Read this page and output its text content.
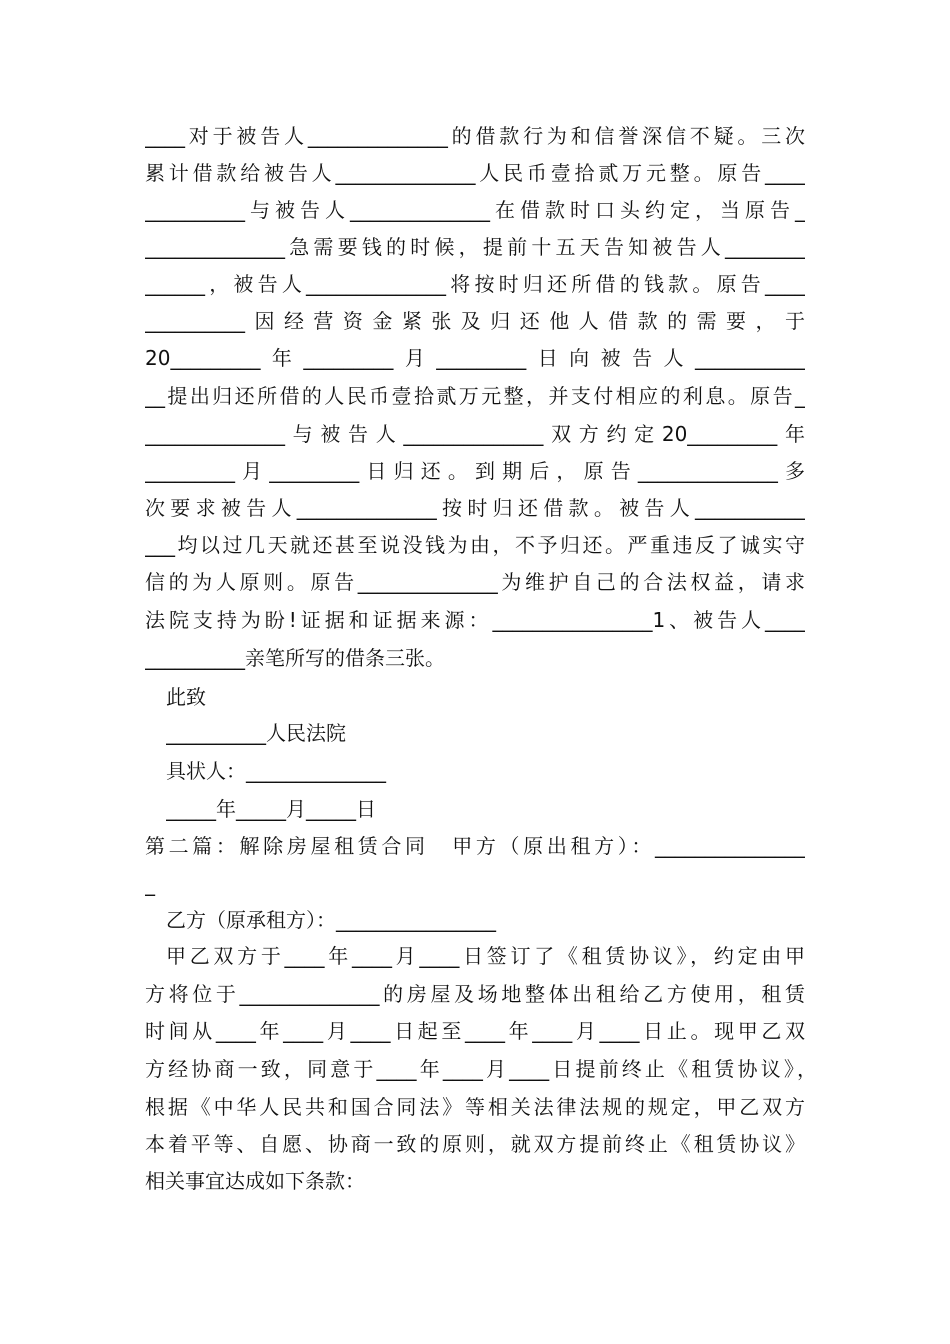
____对于被告人______________的借款行为和信誉深信不疑。三次
累计借款给被告人______________人民币壹拾贰万元整。原告____
__________与被告人______________在借款时口头约定，当原告_
______________急需要钱的时候，提前十五天告知被告人________
______，被告人______________将按时归还所借的钱款。原告____
__________因经营资金紧张及归还他人借款的需要，于
20_________年_________月_________日向被告人___________
__提出归还所借的人民币壹拾贰万元整，并支付相应的利息。原告_
______________与被告人______________双方约定20_________年
_________月_________日归还。到期后，原告______________多
次要求被告人______________按时归还借款。被告人___________
___均以过几天就还甚至说没钱为由，不予归还。严重违反了诚实守
信的为人原则。原告______________为维护自己的合法权益，请求
法院支持为盼!证据和证据来源：________________1、被告人____
__________亲笔所写的借条三张。
此致
__________人民法院
具状人：______________
_____年_____月_____日
第二篇：解除房屋租赁合同　甲方（原出租方）：_______________
_
乙方（原承租方）：________________
甲乙双方于____年____月____日签订了《租赁协议》，约定由甲
方将位于______________的房屋及场地整体出租给乙方使用，租赁
时间从____年____月____日起至____年____月____日止。现甲乙双
方经协商一致，同意于____年____月____日提前终止《租赁协议》，
根据《中华人民共和国合同法》等相关法律法规的规定，甲乙双方
本着平等、自愿、协商一致的原则，就双方提前终止《租赁协议》
相关事宜达成如下条款：
